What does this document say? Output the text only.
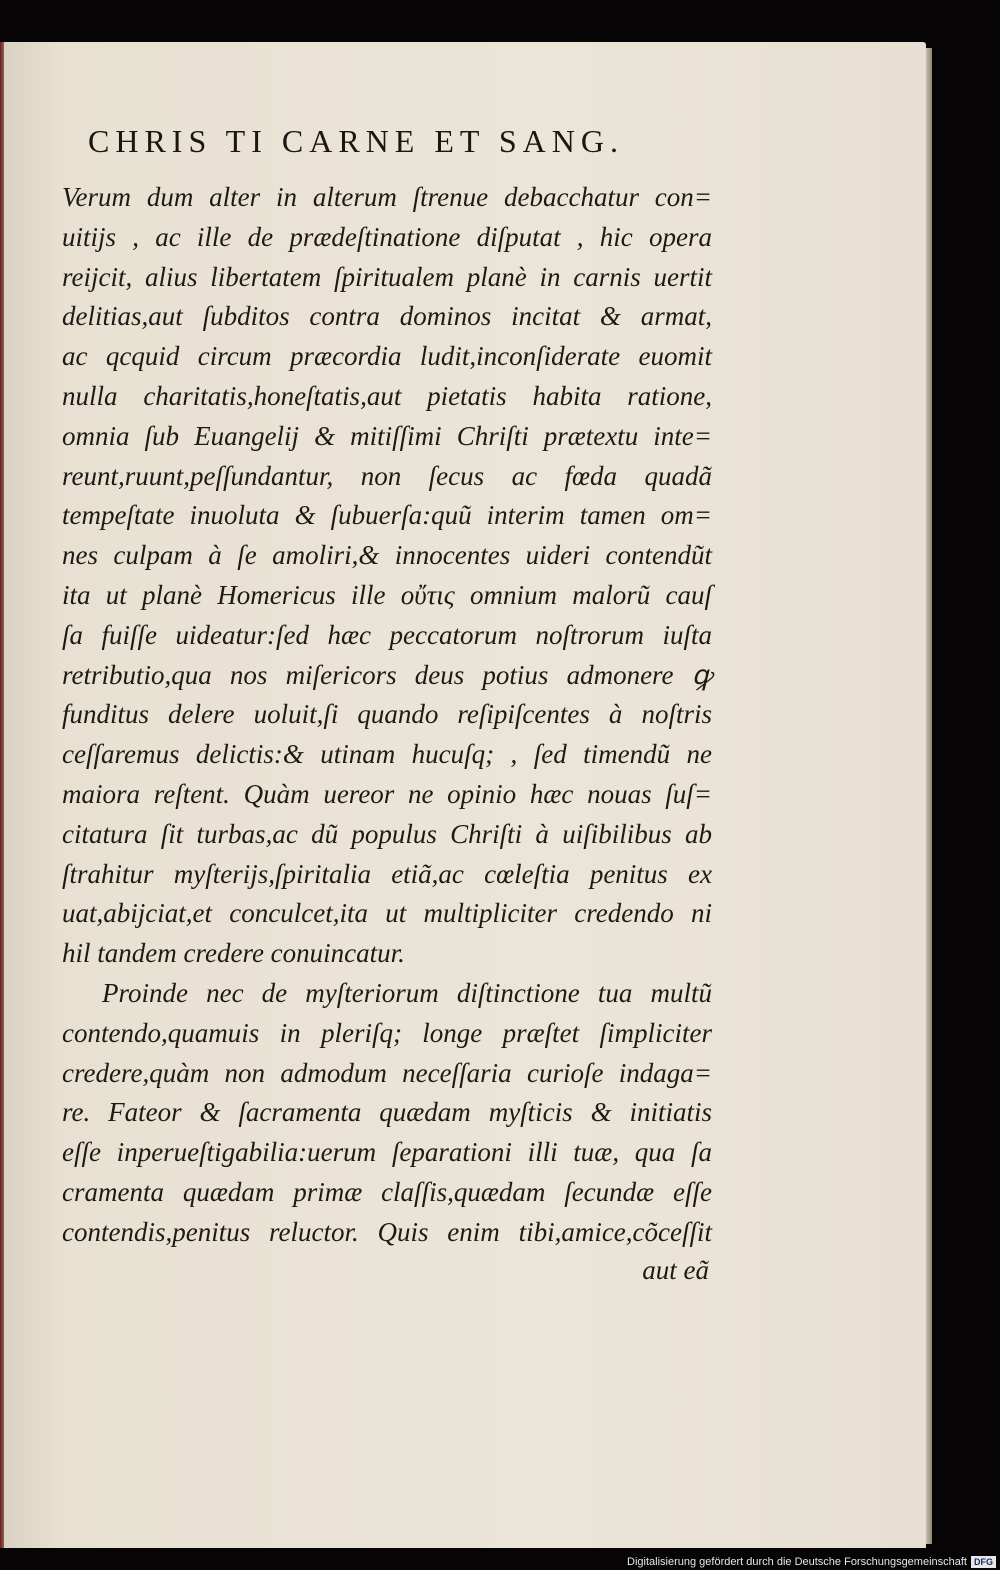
CHRIS TI CARNE ET SANG.
Verum dum alter in alterum ſtrenue debacchatur con=
uitijs , ac ille de prædeſtinatione diſputat , hic opera
reijcit, alius libertatem ſpiritualem planè in carnis uertit
delitias,aut ſubditos contra dominos incitat & armat,
ac qcquid circum præcordia ludit,inconſiderate euomit
nulla charitatis,honeſtatis,aut pietatis habita ratione,
omnia ſub Euangelij & mitiſſimi Chriſti prætextu inte=
reunt,ruunt,peſſundantur, non ſecus ac fœda quadã
tempeſtate inuoluta & ſubuerſa:quũ interim tamen om=
nes culpam à ſe amoliri,& innocentes uideri contendũt
ita ut planè Homericus ille οὔτις omnium malorũ cauſ
ſa fuiſſe uideatur:ſed hæc peccatorum noſtrorum iuſta
retributio,qua nos miſericors deus potius admonere ꝙ
funditus delere uoluit,ſi quando reſipiſcentes à noſtris
ceſſaremus delictis:& utinam hucuſq; , ſed timendũ ne
maiora reſtent. Quàm uereor ne opinio hæc nouas ſuſ=
citatura ſit turbas,ac dũ populus Chriſti à uiſibilibus ab
ſtrahitur myſterijs,ſpiritalia etiã,ac cœleſtia penitus ex
uat,abijciat,et conculcet,ita ut multipliciter credendo ni
hil tandem credere conuincatur.
Proinde nec de myſteriorum diſtinctione tua multũ
contendo,quamuis in pleriſq; longe præſtet ſimpliciter
credere,quàm non admodum neceſſaria curioſe indaga=
re. Fateor & ſacramenta quædam myſticis & initiatis
eſſe inperueſtigabilia:uerum ſeparationi illi tuæ, qua ſa
cramenta quædam primæ claſſis,quædam ſecundæ eſſe
contendis,penitus reluctor. Quis enim tibi,amice,cõceſſit
aut eã
Digitalisierung gefördert durch die Deutsche Forschungsgemeinschaft DFG
